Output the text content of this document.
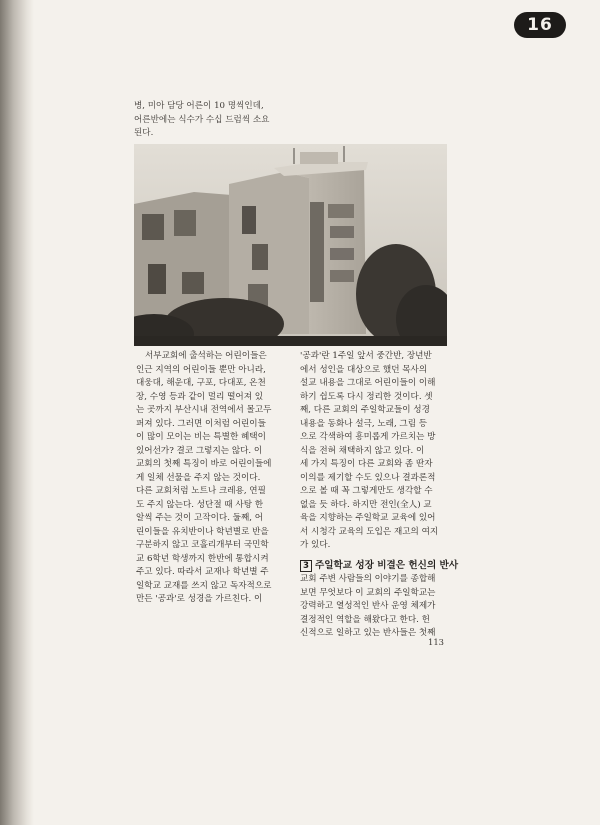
16
병, 미아 담당 어른이 10 명씩인데,
어른반에는 식수가 수십 드럼씩 소요
된다.

서부교회에 출석하는 어린이들은

인근 지역의 어린이들 뿐만 아니라,

대웅대, 해운대, 구포, 다대포, 온천

장, 수영 등과 같이 멀리 떨어져 있

는 곳까지 부산시내 전역에서 몰고두

퍼져 있다. 그러면 이처럼 어린이들

이 많이 모이는 비는 특별한 혜택이

있어선가? 결코 그렇지는 않다. 이

교회의 첫째 특징이 바로 어린이들에

게 일체 선물을 주지 않는 것이다.

다른 교회처럼 노트나 크레용, 연필

도 주지 않는다. 성단절 때 사탕 한

알씩 주는 것이 고작이다. 둘째, 어

린이들을 유치반이나 학년별로 반을

구분하지 않고 코흘리개부터 국민학

교 6학년 학생까지 한반에 통합시켜

주고 있다. 따라서 교재나 학년별 주

일학교 교재를 쓰지 않고 독자적으로

만든 '공과'로 성경을 가르친다. 이

'공과'란 1주일 앞서 중간반, 장년반

에서 성인을 대상으로 했던 목사의

설교 내용을 그대로 어린이들이 이해

하기 쉽도록 다시 정리한 것이다. 셋

째, 다른 교회의 주일학교들이 성경

내용을 동화나 설극, 노래, 그림 등

으로 각색하여 흥미롭게 가르치는 방

식을 전혀 채택하지 않고 있다. 이

세 가지 특징이 다른 교회와 좀 딴자

이의를 제기할 수도 있으나 결과론적

으로 볼 때 꼭 그렇게만도 생각할 수

없을 듯 하다. 하지만 전인(全人) 교

육을 지향하는 주일학교 교육에 있어

서 시청각 교육의 도입은 재고의 여지

가 있다.

3 주일학교 성장 비결은 헌신의 반사

교회 주변 사람들의 이야기를 종합해

보면 무엇보다 이 교회의 주일학교는

강력하고 열성적인 반사 운영 체제가

결정적인 역할을 해왔다고 한다. 헌

신적으로 일하고 있는 반사들은 첫째

113
